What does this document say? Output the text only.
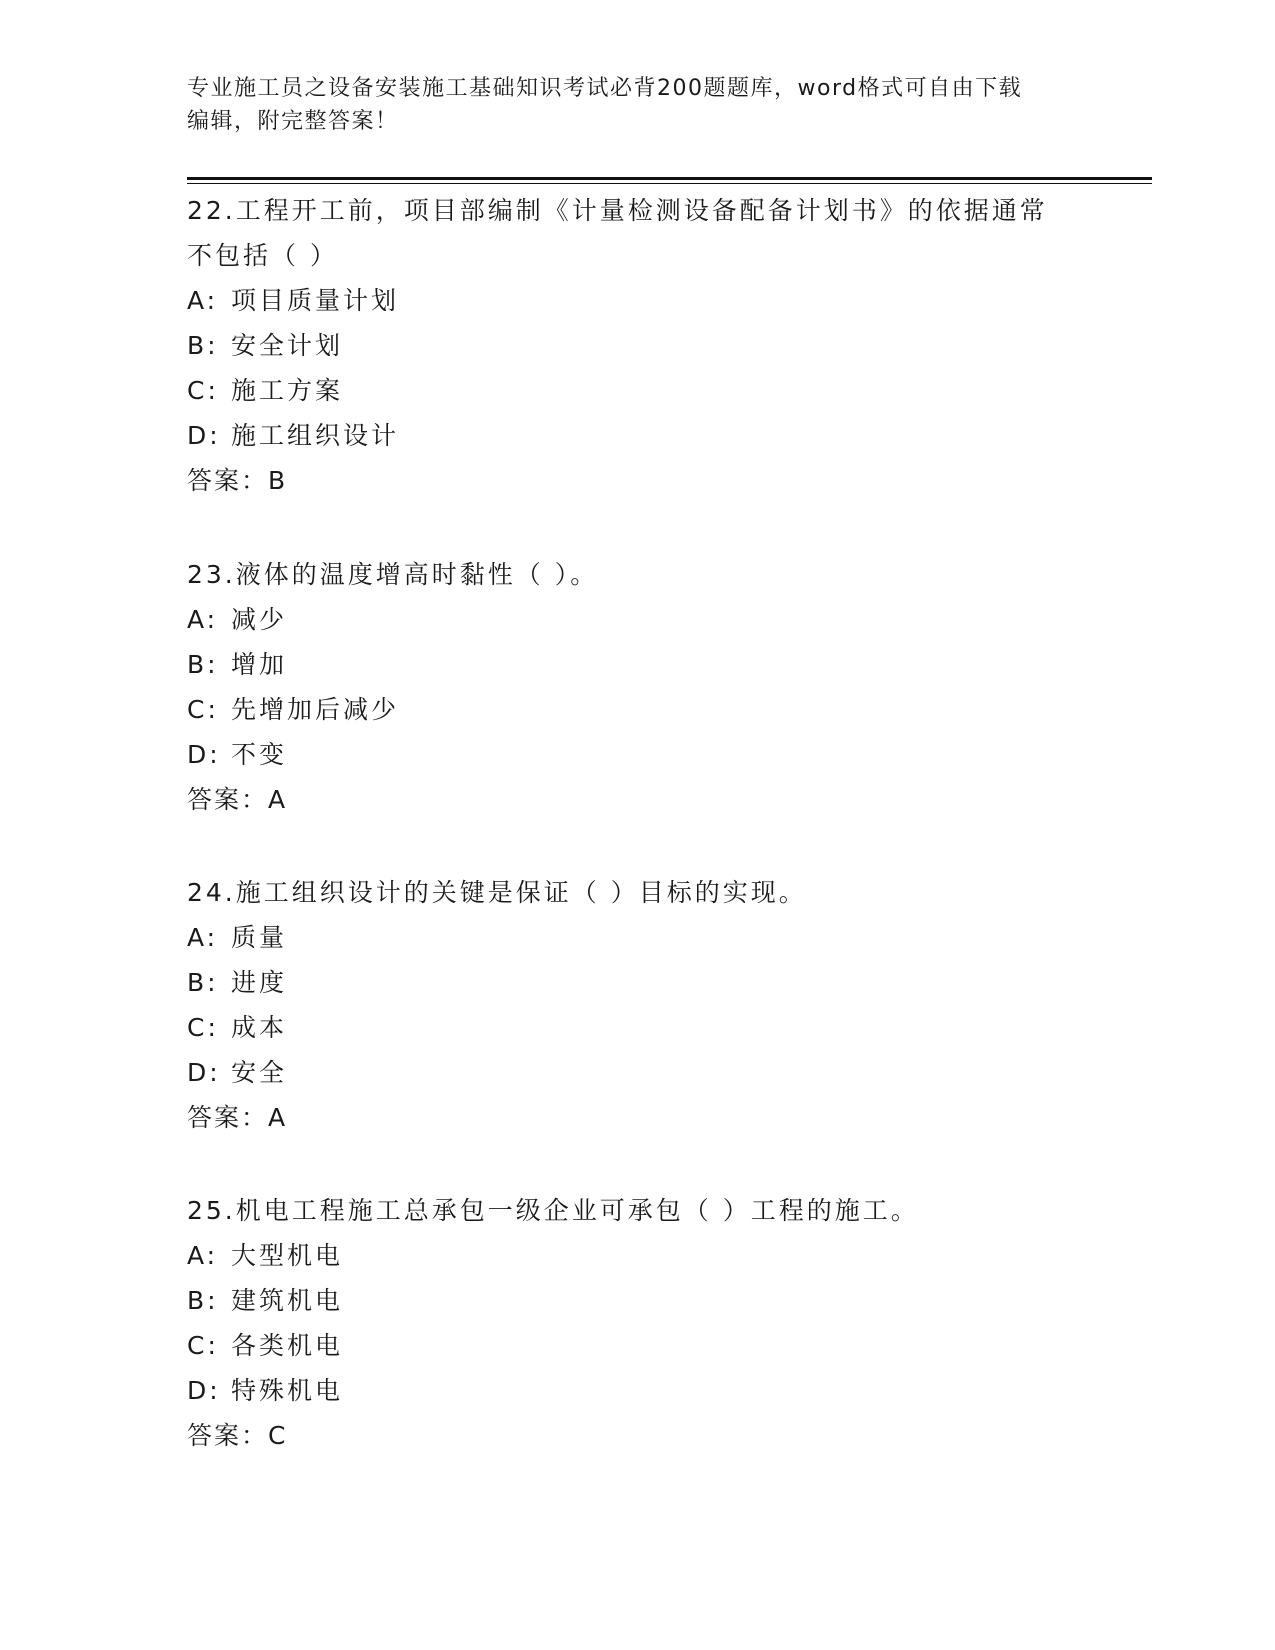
专业施工员之设备安装施工基础知识考试必背200题题库，word格式可自由下载
编辑，附完整答案！

22.工程开工前，项目部编制《计量检测设备配备计划书》的依据通常

不包括（ ）

A: 项目质量计划

B: 安全计划

C: 施工方案

D: 施工组织设计

答案：B

23.液体的温度增高时黏性（ ）。

A: 减少

B: 增加

C: 先增加后减少

D: 不变

答案：A

24.施工组织设计的关键是保证（ ）目标的实现。

A: 质量

B: 进度

C: 成本

D: 安全

答案：A

25.机电工程施工总承包一级企业可承包（ ）工程的施工。

A: 大型机电

B: 建筑机电

C: 各类机电

D: 特殊机电

答案：C
